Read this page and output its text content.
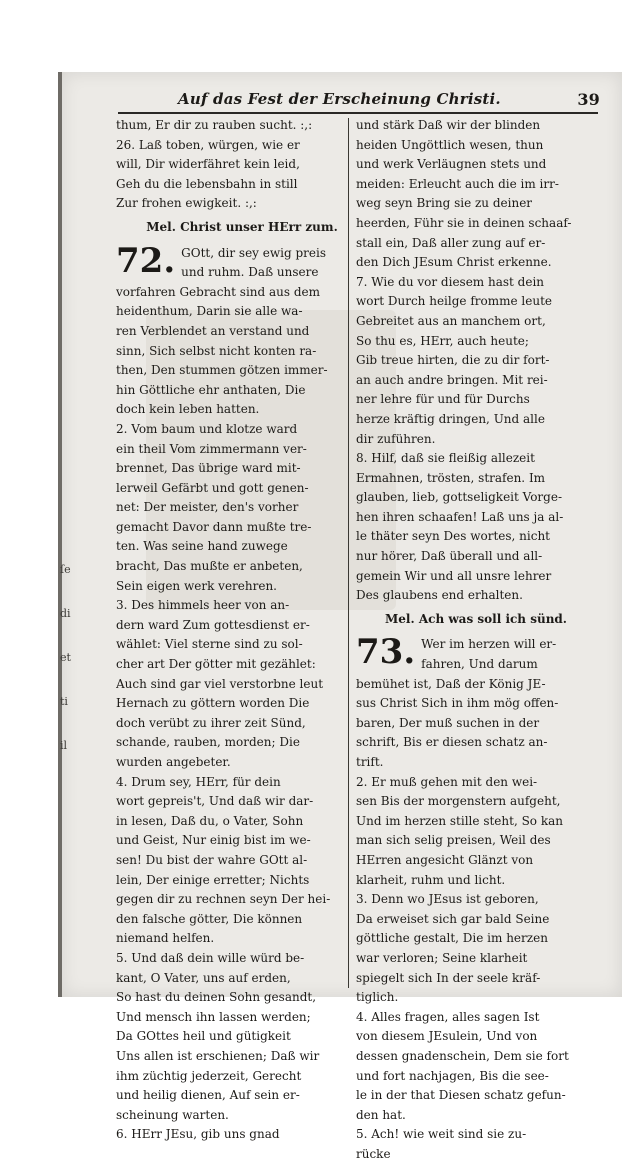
Auf das Fest der Erscheinung Christi.	39
thum, Er dir zu rauben sucht. :,:
26. Laß toben, würgen, wie er
will, Dir widerfähret kein leid,
Geh du die lebensbahn in still
Zur frohen ewigkeit. :,:
Mel. Christ unser HErr zum.
72. GOtt, dir sey ewig preis
und ruhm. Daß unsere
vorfahren Gebracht sind aus dem
heidenthum, Darin sie alle wa-
ren Verblendet an verstand und
sinn, Sich selbst nicht konten ra-
then, Den stummen götzen immer-
hin Göttliche ehr anthaten, Die
doch kein leben hatten.
2. Vom baum und klotze ward
ein theil Vom zimmermann ver-
brennet, Das übrige ward mit-
lerweil Gefärbt und gott genen-
net: Der meister, den's vorher
gemacht Davor dann mußte tre-
ten. Was seine hand zuwege
bracht, Das mußte er anbeten,
Sein eigen werk verehren.
3. Des himmels heer von an-
dern ward Zum gottesdienst er-
wählet: Viel sterne sind zu sol-
cher art Der götter mit gezählet:
Auch sind gar viel verstorbne leut
Hernach zu göttern worden Die
doch verübt zu ihrer zeit Sünd,
schande, rauben, morden; Die
wurden angebeter.
4. Drum sey, HErr, für dein
wort gepreis't, Und daß wir dar-
in lesen, Daß du, o Vater, Sohn
und Geist, Nur einig bist im we-
sen! Du bist der wahre GOtt al-
lein, Der einige erretter; Nichts
gegen dir zu rechnen seyn Der hei-
den falsche götter, Die können
niemand helfen.
5. Und daß dein wille würd be-
kant, O Vater, uns auf erden,
So hast du deinen Sohn gesandt,
Und mensch ihn lassen werden;
Da GOttes heil und gütigkeit
Uns allen ist erschienen; Daß wir
ihm züchtig jederzeit, Gerecht
und heilig dienen, Auf sein er-
scheinung warten.
6. HErr JEsu, gib uns gnad
und stärk Daß wir der blinden
heiden Ungöttlich wesen, thun
und werk Verläugnen stets und
meiden: Erleucht auch die im irr-
weg seyn Bring sie zu deiner
heerden, Führ sie in deinen schaaf-
stall ein, Daß aller zung auf er-
den Dich JEsum Christ erkenne.
7. Wie du vor diesem hast dein
wort Durch heilge fromme leute
Gebreitet aus an manchem ort,
So thu es, HErr, auch heute;
Gib treue hirten, die zu dir fort-
an auch andre bringen. Mit rei-
ner lehre für und für Durchs
herze kräftig dringen, Und alle
dir zuführen.
8. Hilf, daß sie fleißig allezeit
Ermahnen, trösten, strafen. Im
glauben, lieb, gottseligkeit Vorge-
hen ihren schaafen! Laß uns ja al-
le thäter seyn Des wortes, nicht
nur hörer, Daß überall und all-
gemein Wir und all unsre lehrer
Des glaubens end erhalten.
Mel. Ach was soll ich sünd.
73. Wer im herzen will er-
fahren, Und darum
bemühet ist, Daß der König JE-
sus Christ Sich in ihm mög offen-
baren, Der muß suchen in der
schrift, Bis er diesen schatz an-
trift.
2. Er muß gehen mit den wei-
sen Bis der morgenstern aufgeht,
Und im herzen stille steht, So kan
man sich selig preisen, Weil des
HErren angesicht Glänzt von
klarheit, ruhm und licht.
3. Denn wo JEsus ist geboren,
Da erweiset sich gar bald Seine
göttliche gestalt, Die im herzen
war verloren; Seine klarheit
spiegelt sich In der seele kräf-
tiglich.
4. Alles fragen, alles sagen Ist
von diesem JEsulein, Und von
dessen gnadenschein, Dem sie fort
und fort nachjagen, Bis die see-
le in der that Diesen schatz gefun-
den hat.
5. Ach! wie weit sind sie zu-
rücke
ſe
di
et
ti
il
